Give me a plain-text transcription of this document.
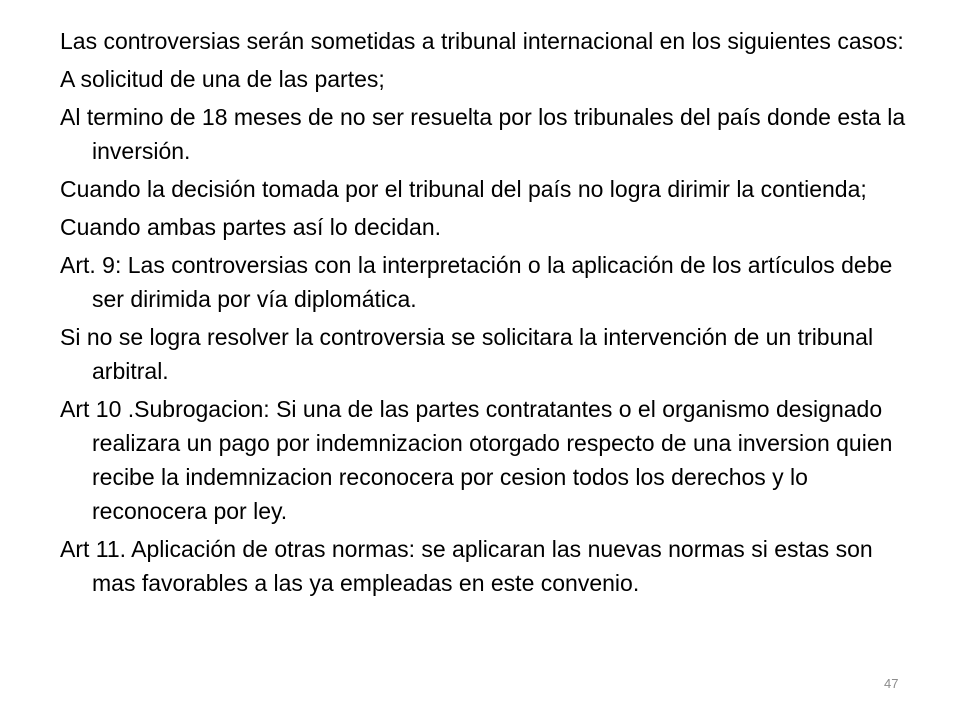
Las controversias serán sometidas a tribunal internacional en los siguientes casos:

A solicitud de una de las partes;

Al termino de 18 meses de no ser resuelta por los tribunales del país donde esta la inversión.

Cuando la decisión tomada por el tribunal del país no logra dirimir la contienda;

Cuando ambas partes así lo decidan.

Art. 9: Las controversias con la interpretación o la aplicación de los artículos debe ser dirimida por vía diplomática.

Si no se logra resolver la controversia se solicitara la intervención de un tribunal arbitral.

Art 10 .Subrogacion: Si una de las partes contratantes o el organismo designado realizara un pago por indemnizacion otorgado respecto de una inversion quien recibe la indemnizacion reconocera por cesion todos los derechos y lo reconocera por ley.

Art 11. Aplicación de otras normas: se aplicaran las nuevas normas si estas son mas favorables a las ya empleadas en este convenio.

47
